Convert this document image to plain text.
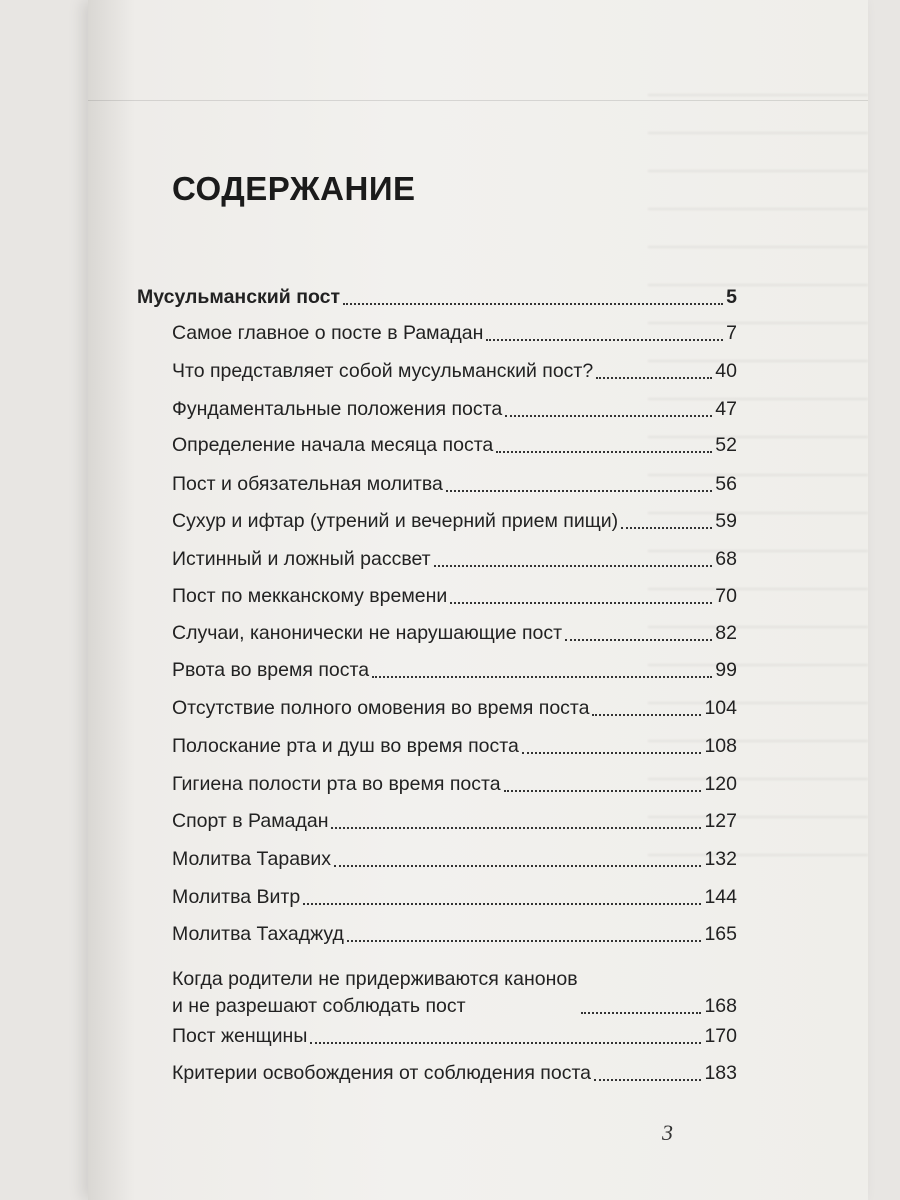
СОДЕРЖАНИЕ
Мусульманский пост	5
Самое главное о посте в Рамадан	7
Что представляет собой мусульманский пост?	40
Фундаментальные положения поста	47
Определение начала месяца поста	52
Пост и обязательная молитва	56
Сухур и ифтар (утрений и вечерний прием пищи)	59
Истинный и ложный рассвет	68
Пост по мекканскому времени	70
Случаи, канонически не нарушающие пост	82
Рвота во время поста	99
Отсутствие полного омовения во время поста	104
Полоскание рта и душ во время поста	108
Гигиена полости рта во время поста	120
Спорт в Рамадан	127
Молитва Таравих	132
Молитва Витр	144
Молитва Тахаджуд	165
Когда родители не придерживаются канонов
и не разрешают соблюдать пост	168
Пост женщины	170
Критерии освобождения от соблюдения поста	183
3
